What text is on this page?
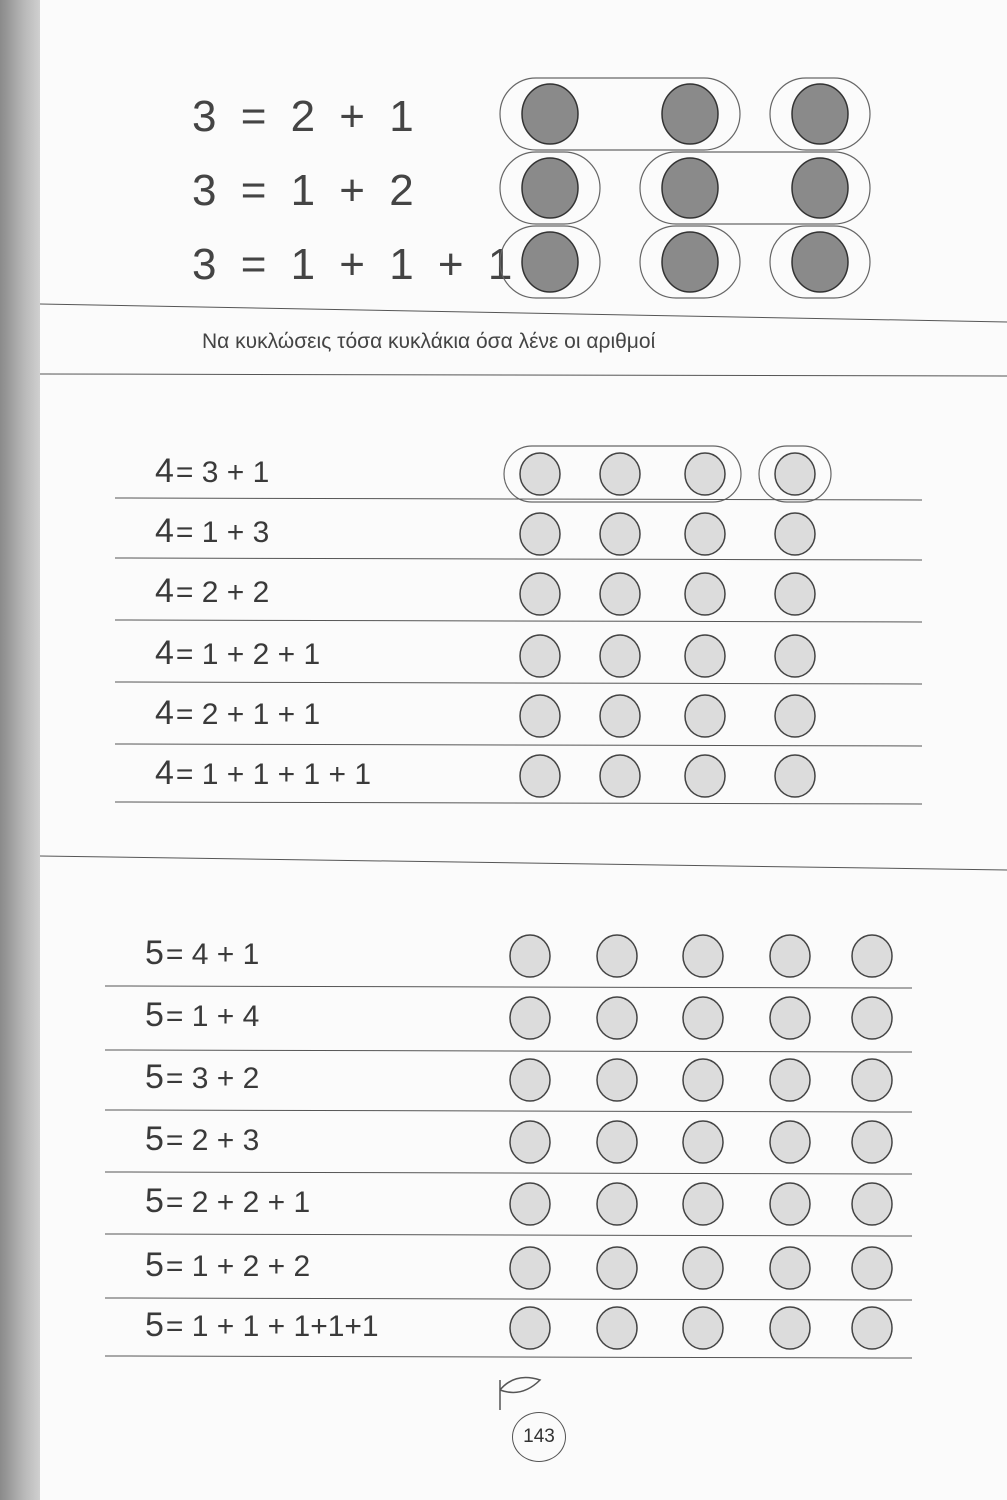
3 = 2 + 1
3 = 1 + 2
3 = 1 + 1 + 1
Να κυκλώσεις τόσα κυκλάκια όσα λένε οι αριθμοί
4= 3 + 1
4= 1 + 3
4= 2 + 2
4= 1 + 2 + 1
4= 2 + 1 + 1
4= 1 + 1 + 1 + 1
5= 4 + 1
5= 1 + 4
5= 3 + 2
5= 2 + 3
5= 2 + 2 + 1
5= 1 + 2 + 2
5= 1 + 1 + 1+1+1
143
